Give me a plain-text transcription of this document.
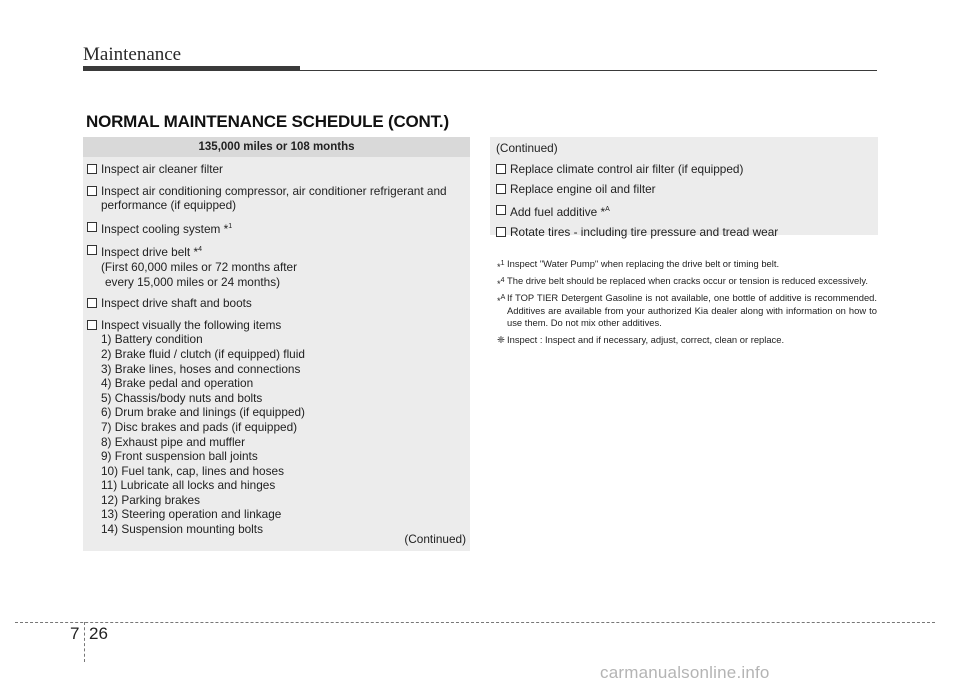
Maintenance
NORMAL MAINTENANCE SCHEDULE (CONT.)
135,000 miles or 108 months
Inspect air cleaner filter
Inspect air conditioning compressor, air conditioner refrigerant and performance (if equipped)
Inspect cooling system *$^1$
Inspect drive belt *$^4$
(First 60,000 miles or 72 months after
every 15,000 miles or 24 months)
Inspect drive shaft and boots
Inspect visually the following items
1) Battery condition
2) Brake fluid / clutch (if equipped) fluid
3) Brake lines, hoses and connections
4) Brake pedal and operation
5) Chassis/body nuts and bolts
6) Drum brake and linings (if equipped)
7) Disc brakes and pads (if equipped)
8) Exhaust pipe and muffler
9) Front suspension ball joints
10) Fuel tank, cap, lines and hoses
11) Lubricate all locks and hinges
12) Parking brakes
13) Steering operation and linkage
14) Suspension mounting bolts
(Continued)
(Continued)
Replace climate control air filter (if equipped)
Replace engine oil and filter
Add fuel additive *$^A$
Rotate tires - including tire pressure and tread wear
*$^1$ Inspect "Water Pump" when replacing the drive belt or timing belt.
*$^4$ The drive belt should be replaced when cracks occur or tension is reduced excessively.
*$^A$ If TOP TIER Detergent Gasoline is not available, one bottle of additive is recommended. Additives are available from your authorized Kia dealer along with information on how to use them. Do not mix other additives.
❈ Inspect : Inspect and if necessary, adjust, correct, clean or replace.
7 26
carmanualsonline.info
